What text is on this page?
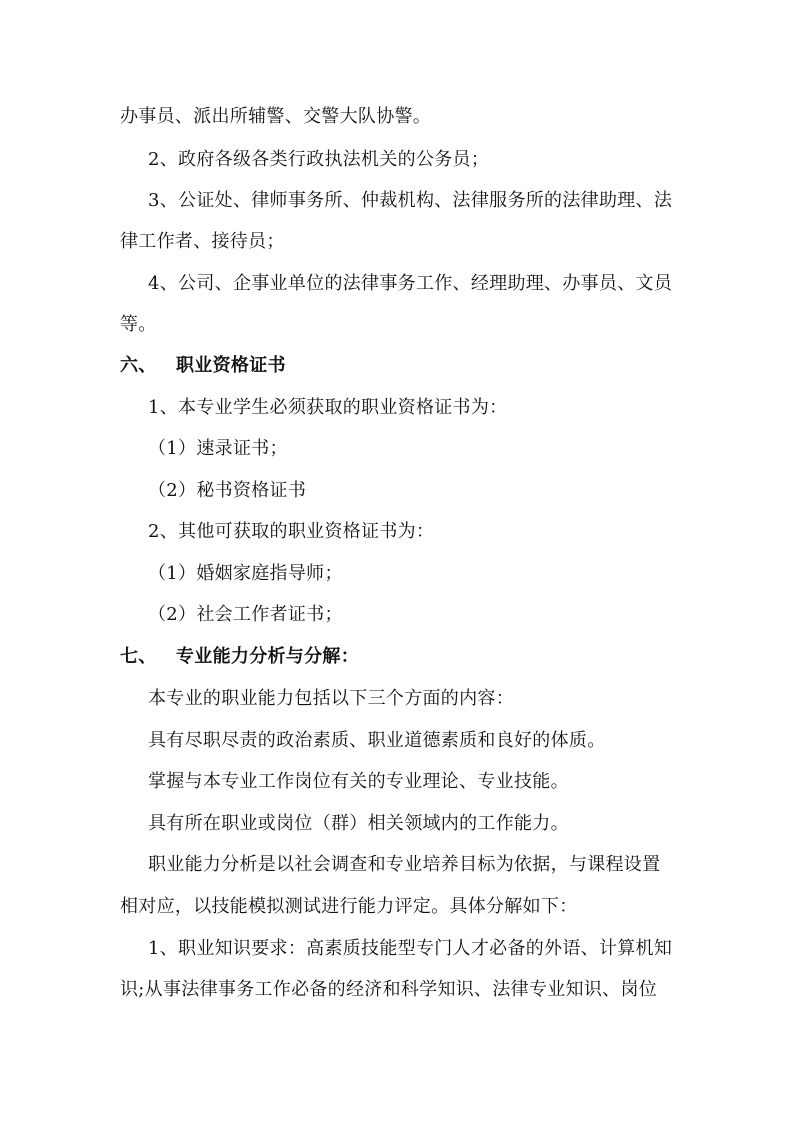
办事员、派出所辅警、交警大队协警。
2、政府各级各类行政执法机关的公务员；
3、公证处、律师事务所、仲裁机构、法律服务所的法律助理、法
律工作者、接待员；
4、公司、企事业单位的法律事务工作、经理助理、办事员、文员
等。
六、 职业资格证书
1、本专业学生必须获取的职业资格证书为：
（1）速录证书；
（2）秘书资格证书
2、其他可获取的职业资格证书为：
（1）婚姻家庭指导师；
（2）社会工作者证书；
七、 专业能力分析与分解：
本专业的职业能力包括以下三个方面的内容：
具有尽职尽责的政治素质、职业道德素质和良好的体质。
掌握与本专业工作岗位有关的专业理论、专业技能。
具有所在职业或岗位（群）相关领域内的工作能力。
职业能力分析是以社会调查和专业培养目标为依据，与课程设置
相对应，以技能模拟测试进行能力评定。具体分解如下：
1、职业知识要求：高素质技能型专门人才必备的外语、计算机知
识;从事法律事务工作必备的经济和科学知识、法律专业知识、岗位
